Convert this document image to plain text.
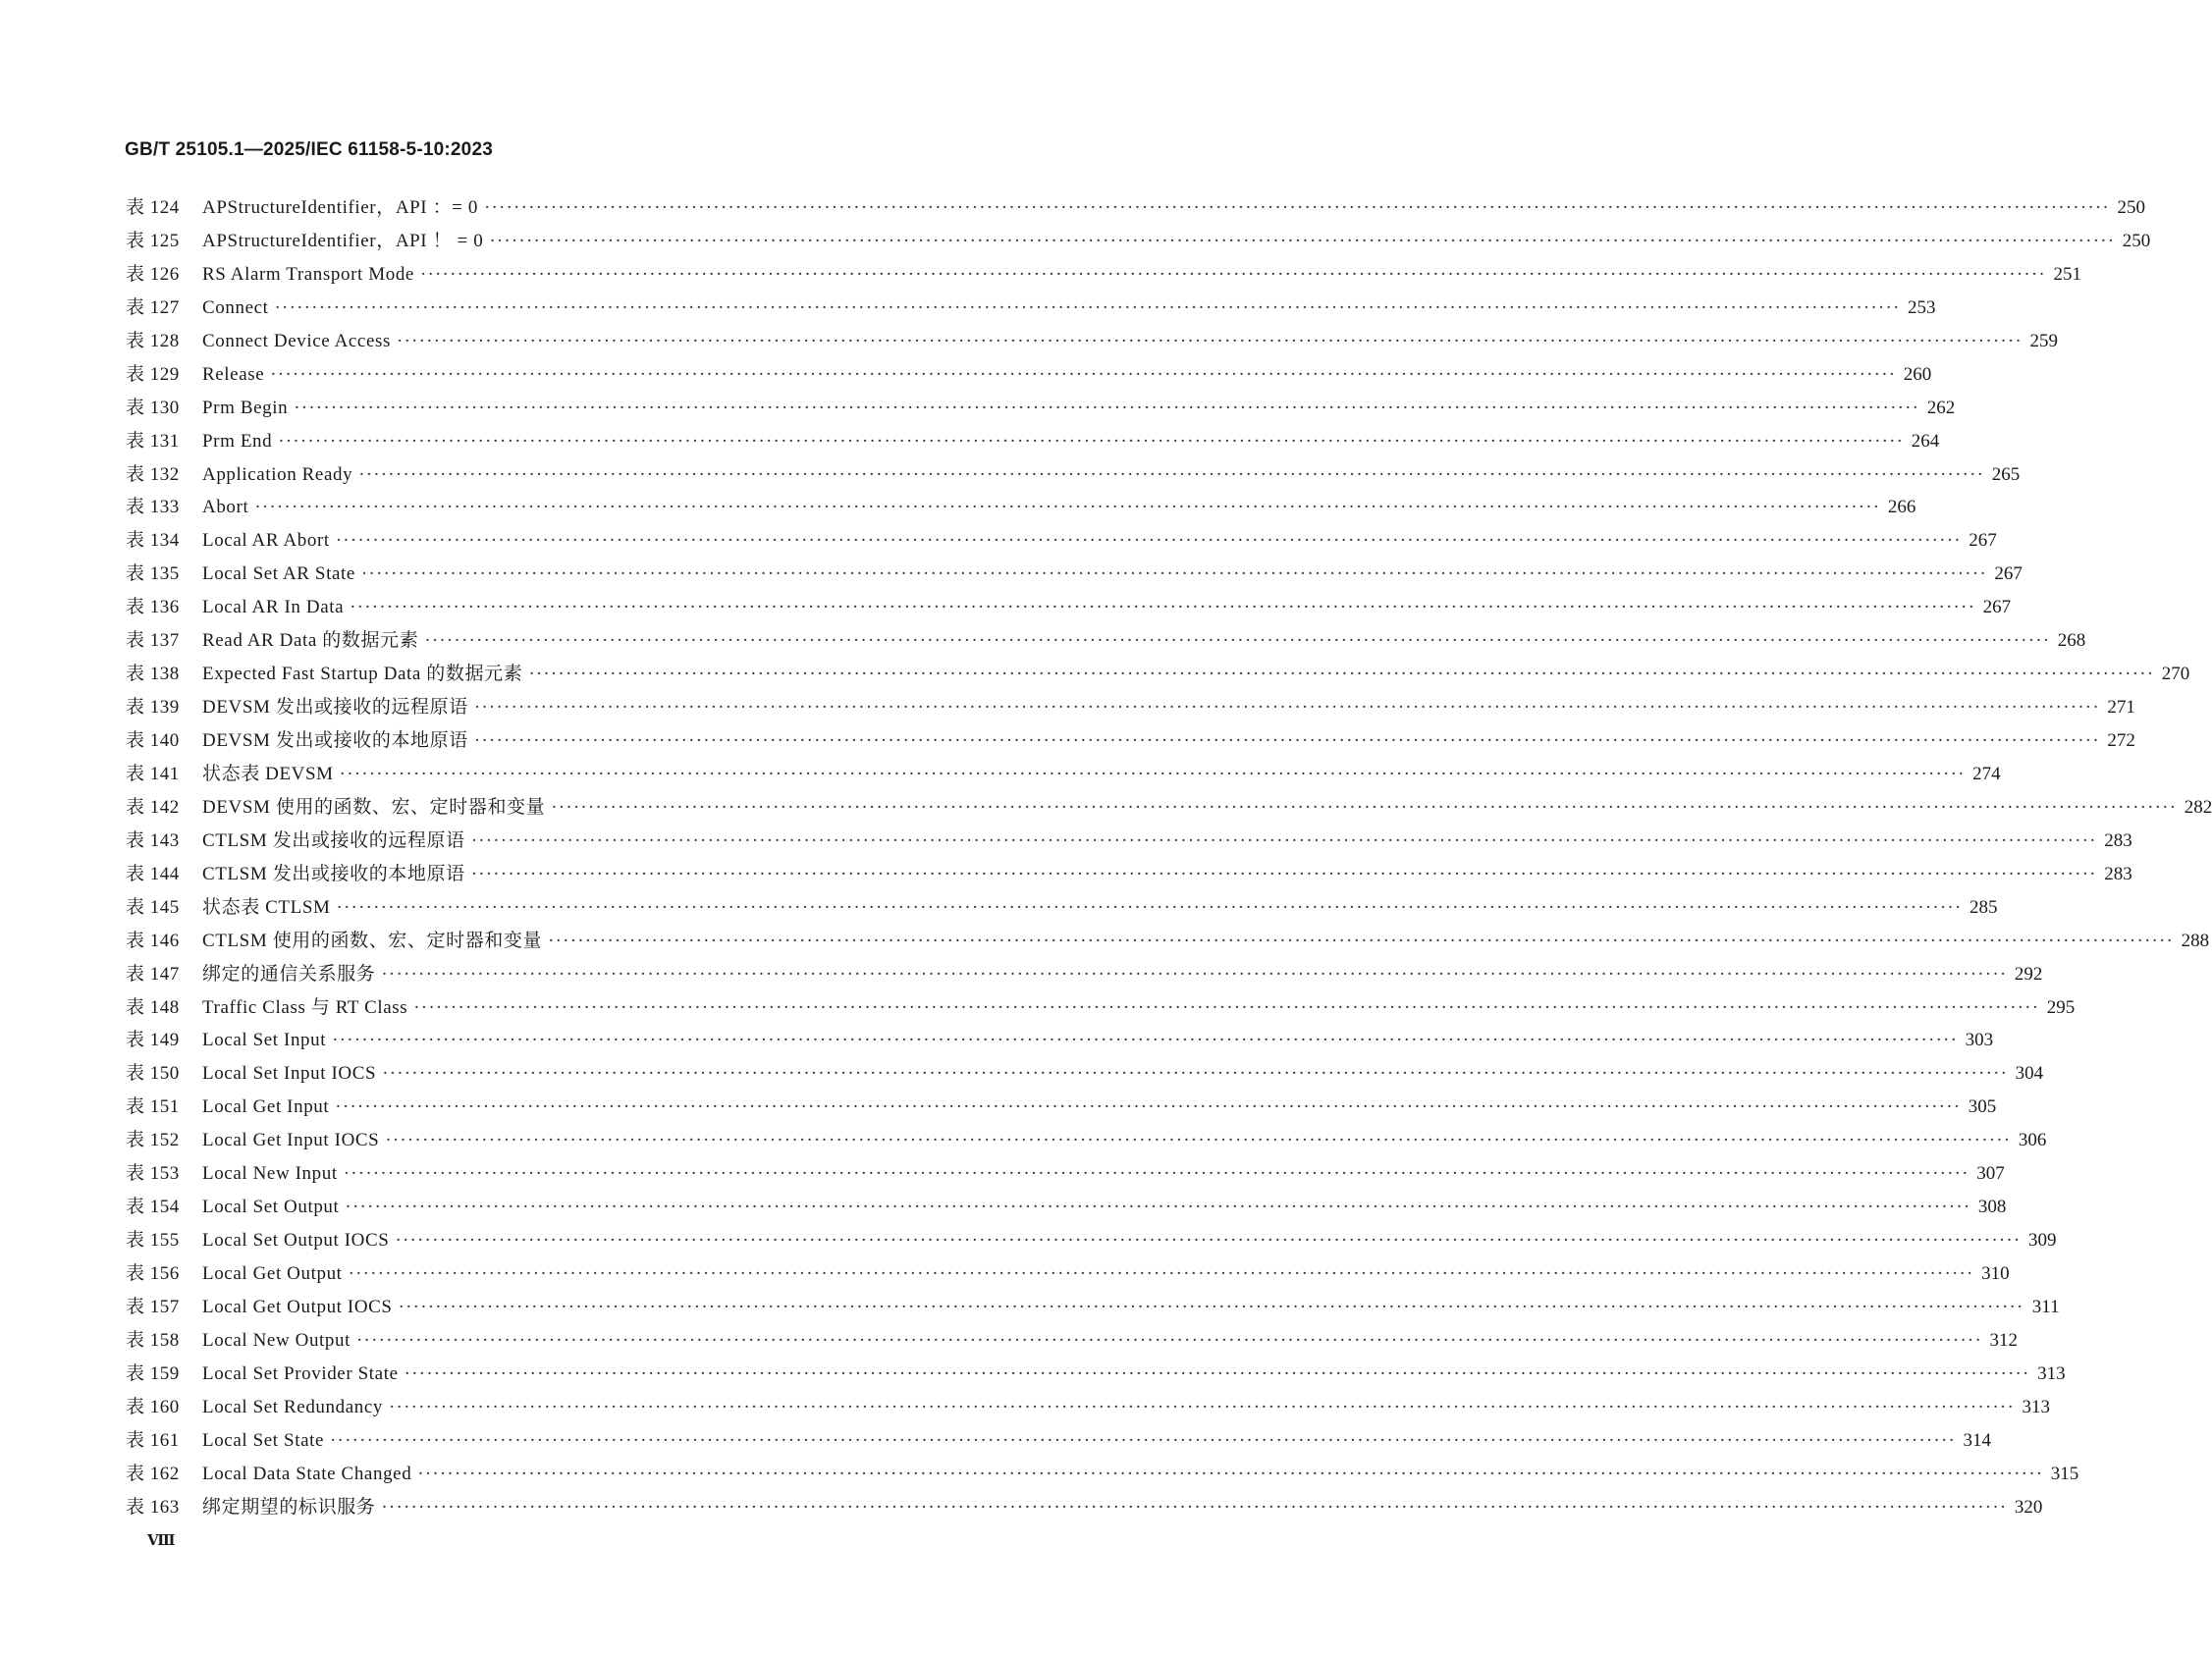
GB/T 25105.1—2025/IEC 61158-5-10:2023
表 124	APStructureIdentifier，API ：= 0 ···························································································································································································································· 250
表 125	APStructureIdentifier，API ！ = 0 ···························································································································································································································· 250
表 126	RS Alarm Transport Mode ···························································································································································································································· 251
表 127	Connect ···························································································································································································································· 253
表 128	Connect Device Access ···························································································································································································································· 259
表 129	Release ···························································································································································································································· 260
表 130	Prm Begin ···························································································································································································································· 262
表 131	Prm End ···························································································································································································································· 264
表 132	Application Ready ···························································································································································································································· 265
表 133	Abort ···························································································································································································································· 266
表 134	Local AR Abort ···························································································································································································································· 267
表 135	Local Set AR State ···························································································································································································································· 267
表 136	Local AR In Data ···························································································································································································································· 267
表 137	Read AR Data 的数据元素 ···························································································································································································································· 268
表 138	Expected Fast Startup Data 的数据元素 ···························································································································································································································· 270
表 139	DEVSM 发出或接收的远程原语 ···························································································································································································································· 271
表 140	DEVSM 发出或接收的本地原语 ···························································································································································································································· 272
表 141	状态表 DEVSM ···························································································································································································································· 274
表 142	DEVSM 使用的函数、宏、定时器和变量 ···························································································································································································································· 282
表 143	CTLSM 发出或接收的远程原语 ···························································································································································································································· 283
表 144	CTLSM 发出或接收的本地原语 ···························································································································································································································· 283
表 145	状态表 CTLSM ···························································································································································································································· 285
表 146	CTLSM 使用的函数、宏、定时器和变量 ···························································································································································································································· 288
表 147	绑定的通信关系服务 ···························································································································································································································· 292
表 148	Traffic Class 与 RT Class ···························································································································································································································· 295
表 149	Local Set Input ···························································································································································································································· 303
表 150	Local Set Input IOCS ···························································································································································································································· 304
表 151	Local Get Input ···························································································································································································································· 305
表 152	Local Get Input IOCS ···························································································································································································································· 306
表 153	Local New Input ···························································································································································································································· 307
表 154	Local Set Output ···························································································································································································································· 308
表 155	Local Set Output IOCS ···························································································································································································································· 309
表 156	Local Get Output ···························································································································································································································· 310
表 157	Local Get Output IOCS ···························································································································································································································· 311
表 158	Local New Output ···························································································································································································································· 312
表 159	Local Set Provider State ···························································································································································································································· 313
表 160	Local Set Redundancy ···························································································································································································································· 313
表 161	Local Set State ···························································································································································································································· 314
表 162	Local Data State Changed ···························································································································································································································· 315
表 163	绑定期望的标识服务 ···························································································································································································································· 320
Ⅷ
